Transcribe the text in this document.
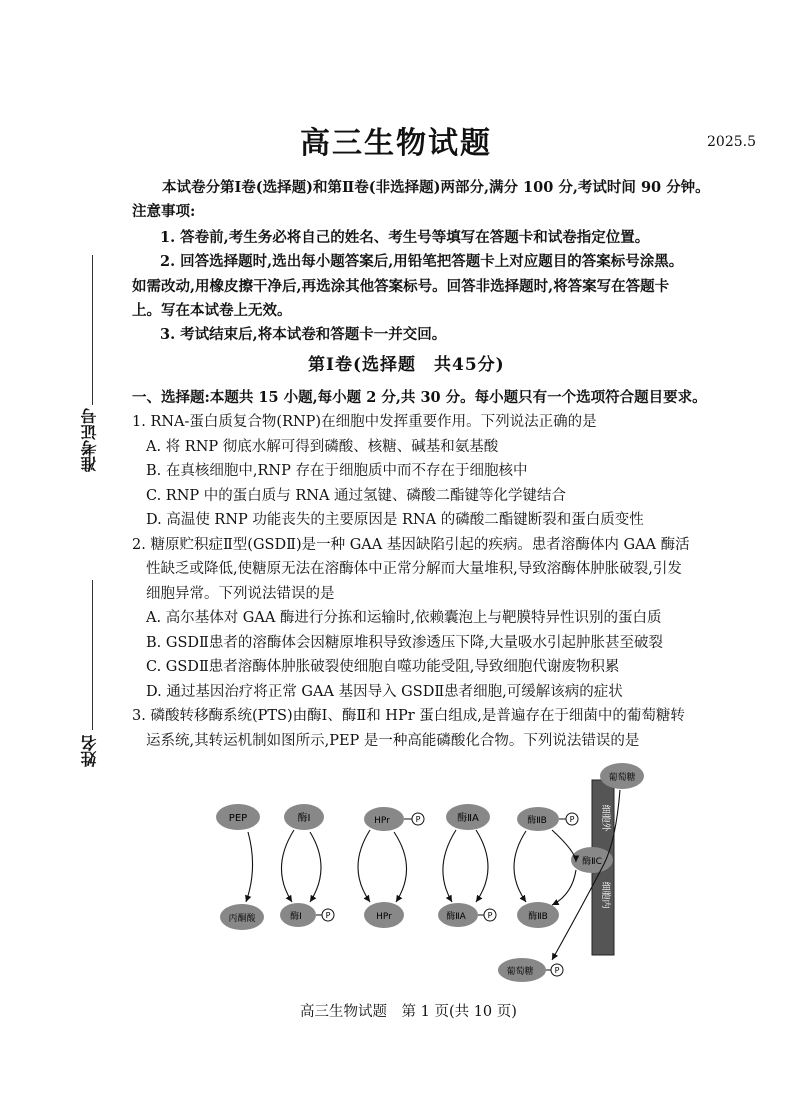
高三生物试题	2025.5
准考证号
姓名
本试卷分第Ⅰ卷(选择题)和第Ⅱ卷(非选择题)两部分,满分 100 分,考试时间 90 分钟。
注意事项:
1. 答卷前,考生务必将自己的姓名、考生号等填写在答题卡和试卷指定位置。
2. 回答选择题时,选出每小题答案后,用铅笔把答题卡上对应题目的答案标号涂黑。
如需改动,用橡皮擦干净后,再选涂其他答案标号。回答非选择题时,将答案写在答题卡
上。写在本试卷上无效。
3. 考试结束后,将本试卷和答题卡一并交回。
第Ⅰ卷(选择题　共45分)
一、选择题:本题共 15 小题,每小题 2 分,共 30 分。每小题只有一个选项符合题目要求。
1. RNA-蛋白质复合物(RNP)在细胞中发挥重要作用。下列说法正确的是
A. 将 RNP 彻底水解可得到磷酸、核糖、碱基和氨基酸
B. 在真核细胞中,RNP 存在于细胞质中而不存在于细胞核中
C. RNP 中的蛋白质与 RNA 通过氢键、磷酸二酯键等化学键结合
D. 高温使 RNP 功能丧失的主要原因是 RNA 的磷酸二酯键断裂和蛋白质变性
2. 糖原贮积症Ⅱ型(GSDⅡ)是一种 GAA 基因缺陷引起的疾病。患者溶酶体内 GAA 酶活
性缺乏或降低,使糖原无法在溶酶体中正常分解而大量堆积,导致溶酶体肿胀破裂,引发
细胞异常。下列说法错误的是
A. 高尔基体对 GAA 酶进行分拣和运输时,依赖囊泡上与靶膜特异性识别的蛋白质
B. GSDⅡ患者的溶酶体会因糖原堆积导致渗透压下降,大量吸水引起肿胀甚至破裂
C. GSDⅡ患者溶酶体肿胀破裂使细胞自噬功能受阻,导致细胞代谢废物积累
D. 通过基因治疗将正常 GAA 基因导入 GSDⅡ患者细胞,可缓解该病的症状
3. 磷酸转移酶系统(PTS)由酶Ⅰ、酶Ⅱ和 HPr 蛋白组成,是普遍存在于细菌中的葡萄糖转
运系统,其转运机制如图所示,PEP 是一种高能磷酸化合物。下列说法错误的是
细胞外
细胞内
PEP	酶Ⅰ	HPr	P	酶ⅡA	酶ⅡB	P
丙酮酸	酶Ⅰ	P	HPr	酶ⅡA	P	酶ⅡB
酶ⅡC
葡萄糖
葡萄糖	P
高三生物试题　第 1 页(共 10 页)
